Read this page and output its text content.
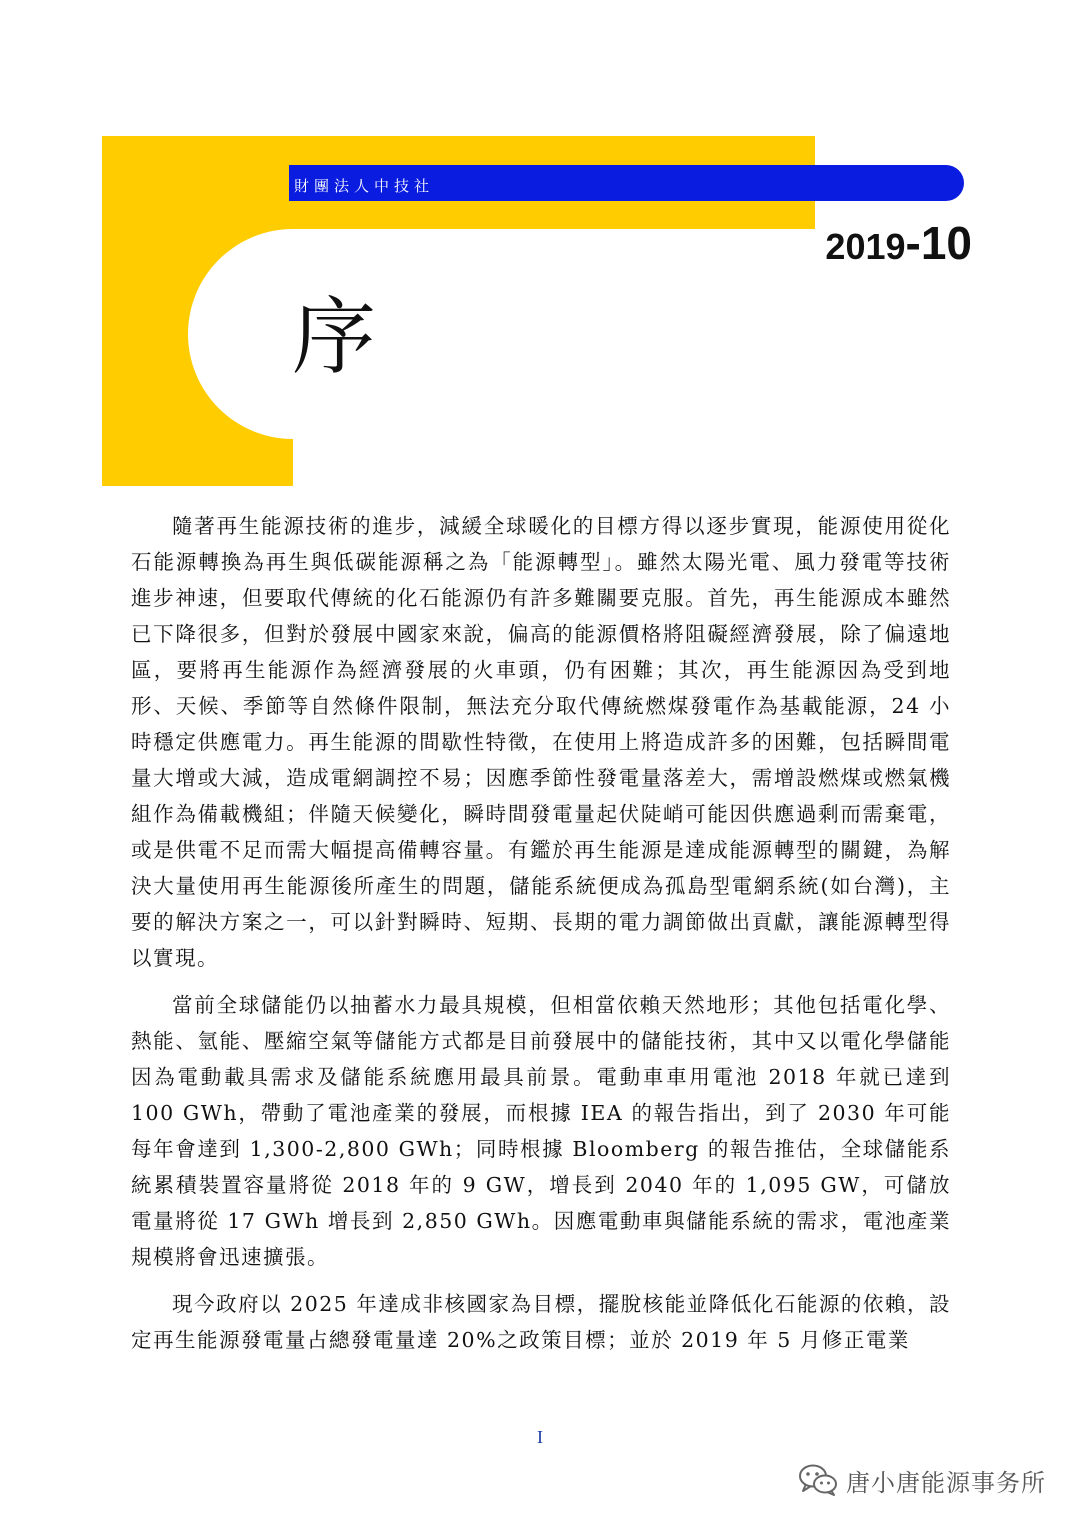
財團法人中技社
2019-10
序

隨著再生能源技術的進步，減緩全球暖化的目標方得以逐步實現，能源使用從化石能源轉換為再生與低碳能源稱之為「能源轉型」。雖然太陽光電、風力發電等技術進步神速，但要取代傳統的化石能源仍有許多難關要克服。首先，再生能源成本雖然已下降很多，但對於發展中國家來說，偏高的能源價格將阻礙經濟發展，除了偏遠地區，要將再生能源作為經濟發展的火車頭，仍有困難；其次，再生能源因為受到地形、天候、季節等自然條件限制，無法充分取代傳統燃煤發電作為基載能源，24 小時穩定供應電力。再生能源的間歇性特徵，在使用上將造成許多的困難，包括瞬間電量大增或大減，造成電網調控不易；因應季節性發電量落差大，需增設燃煤或燃氣機組作為備載機組；伴隨天候變化，瞬時間發電量起伏陡峭可能因供應過剩而需棄電，或是供電不足而需大幅提高備轉容量。有鑑於再生能源是達成能源轉型的關鍵，為解決大量使用再生能源後所產生的問題，儲能系統便成為孤島型電網系統(如台灣)，主要的解決方案之一，可以針對瞬時、短期、長期的電力調節做出貢獻，讓能源轉型得以實現。

當前全球儲能仍以抽蓄水力最具規模，但相當依賴天然地形；其他包括電化學、熱能、氫能、壓縮空氣等儲能方式都是目前發展中的儲能技術，其中又以電化學儲能因為電動載具需求及儲能系統應用最具前景。電動車車用電池 2018 年就已達到 100 GWh，帶動了電池產業的發展，而根據 IEA 的報告指出，到了 2030 年可能每年會達到 1,300-2,800 GWh；同時根據 Bloomberg 的報告推估，全球儲能系統累積裝置容量將從 2018 年的 9 GW，增長到 2040 年的 1,095 GW，可儲放電量將從 17 GWh 增長到 2,850 GWh。因應電動車與儲能系統的需求，電池產業規模將會迅速擴張。

現今政府以 2025 年達成非核國家為目標，擺脫核能並降低化石能源的依賴，設定再生能源發電量占總發電量達 20%之政策目標；並於 2019 年 5 月修正電業

I
唐小唐能源事务所
